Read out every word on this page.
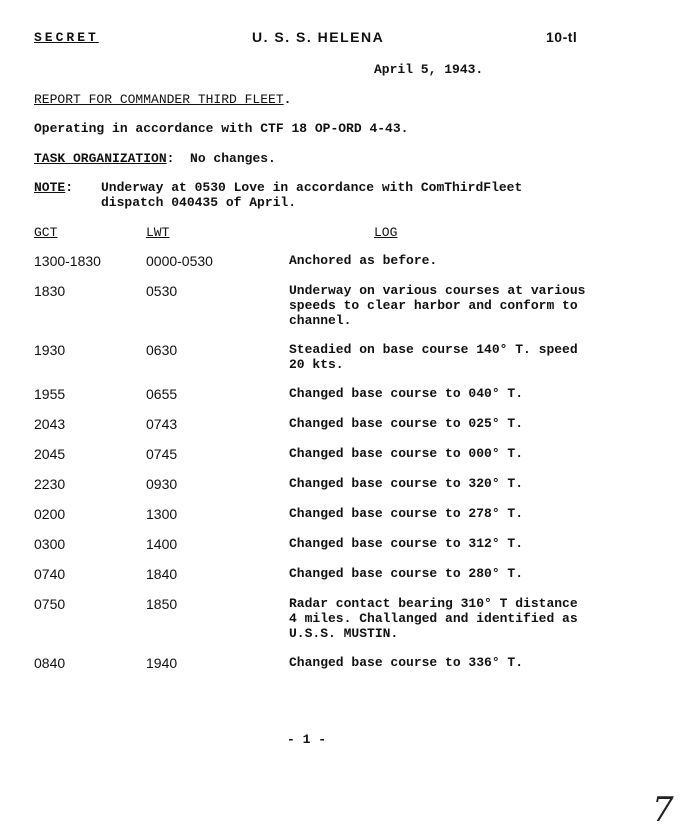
SECRET	U. S. S. HELENA	10-tl
April 5, 1943.
REPORT FOR COMMANDER THIRD FLEET.
Operating in accordance with CTF 18 OP-ORD 4-43.
TASK ORGANIZATION:  No changes.
NOTE: Underway at 0530 Love in accordance with ComThirdFleet
dispatch 040435 of April.
GCT	LWT	LOG
1300-1830	0000-0530	Anchored as before.
1830	0530	Underway on various courses at various
speeds to clear harbor and conform to
channel.
1930	0630	Steadied on base course 140° T. speed
20 kts.
1955	0655	Changed base course to 040° T.
2043	0743	Changed base course to 025° T.
2045	0745	Changed base course to 000° T.
2230	0930	Changed base course to 320° T.
0200	1300	Changed base course to 278° T.
0300	1400	Changed base course to 312° T.
0740	1840	Changed base course to 280° T.
0750	1850	Radar contact bearing 310° T distance
4 miles. Challanged and identified as
U.S.S. MUSTIN.
0840	1940	Changed base course to 336° T.
- 1 -
7
